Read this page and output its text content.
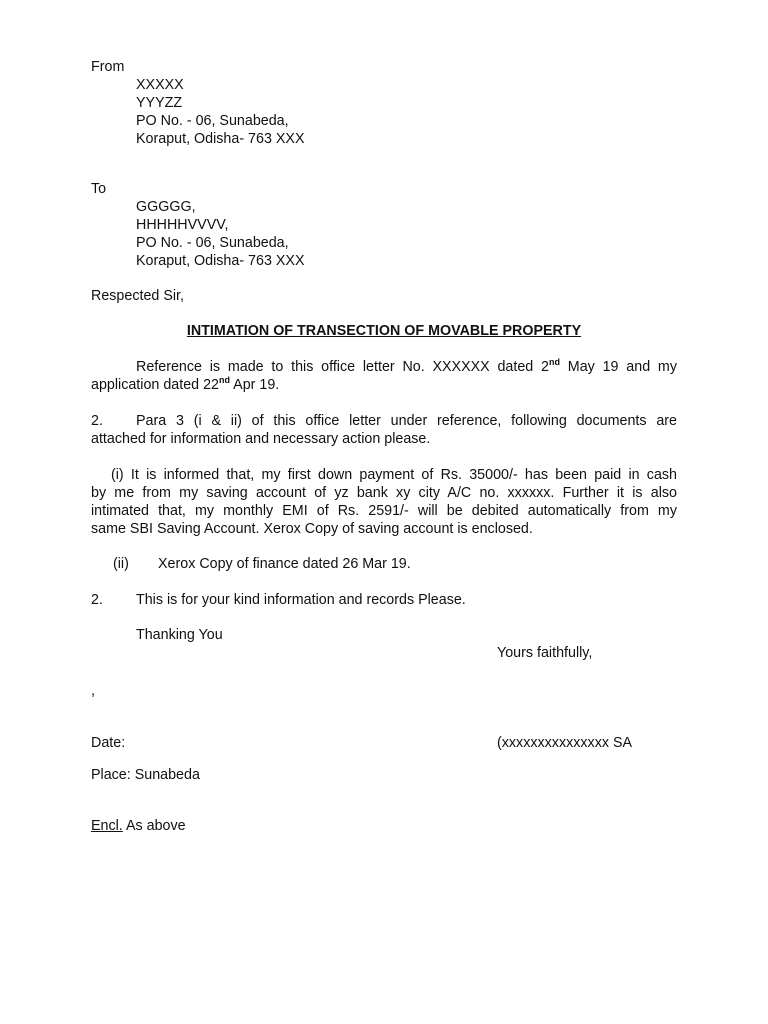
From
XXXXX
YYYZZ
PO No. - 06, Sunabeda,
Koraput, Odisha- 763 XXX
To
GGGGG,
HHHHHVVVV,
PO No. - 06, Sunabeda,
Koraput, Odisha- 763 XXX
Respected Sir,
INTIMATION OF TRANSECTION OF MOVABLE PROPERTY
Reference is made to this office letter No. XXXXXX dated 2nd May 19 and my
application dated 22nd Apr 19.
2.	Para 3 (i & ii) of this office letter under reference, following documents are
attached for information and necessary action please.
(i) It is informed that, my first down payment of Rs. 35000/- has been paid in cash
by me from my saving account of yz bank xy city A/C no. xxxxxx. Further it is also
intimated that, my monthly EMI of Rs. 2591/- will be debited automatically from my
same SBI Saving Account. Xerox Copy of saving account is enclosed.
(ii) Xerox Copy of finance dated 26 Mar 19.
2. This is for your kind information and records Please.
Thanking You
Yours faithfully,
,
Date:	(xxxxxxxxxxxxxxx SA
Place: Sunabeda
Encl. As above
